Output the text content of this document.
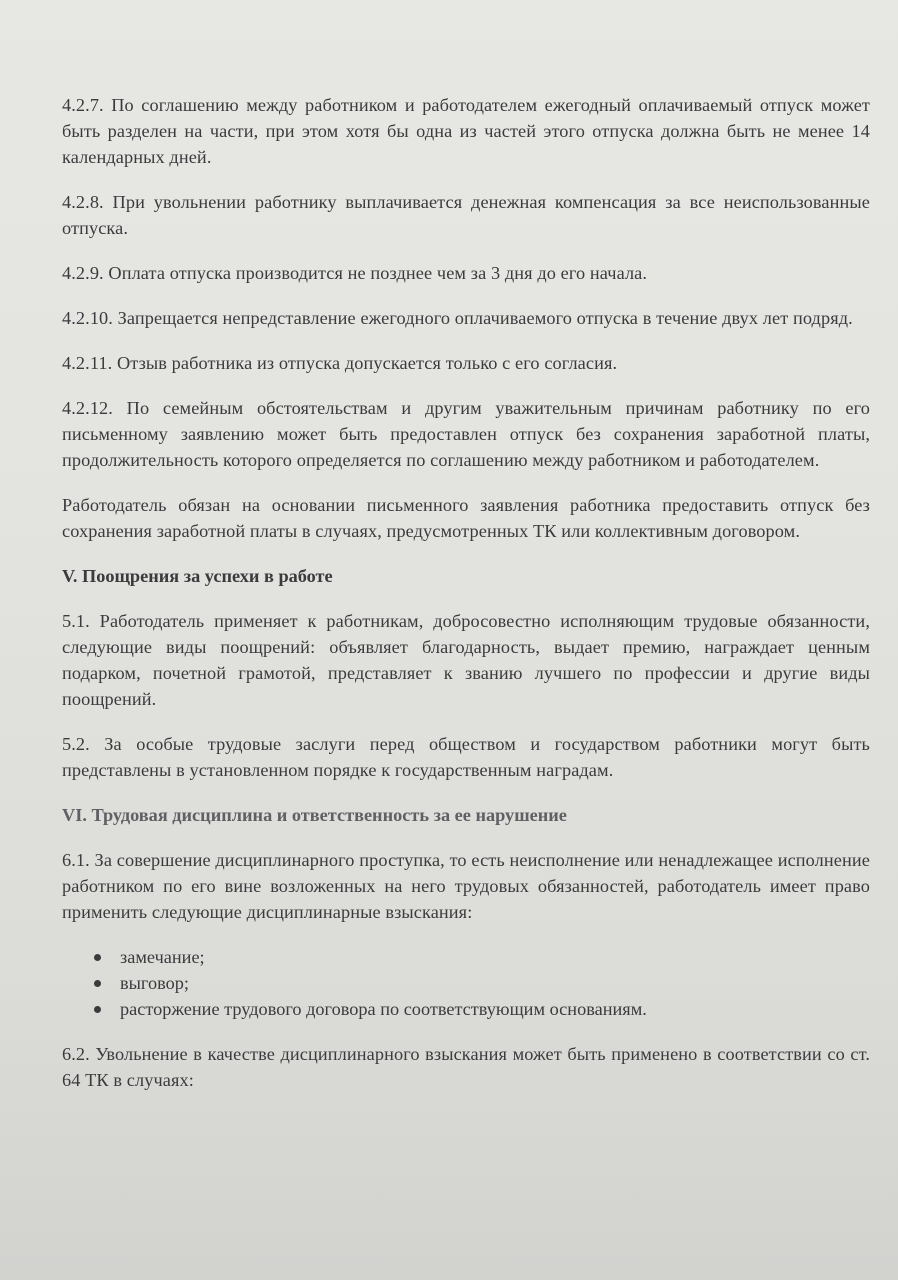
4.2.7. По соглашению между работником и работодателем ежегодный оплачиваемый отпуск может быть разделен на части, при этом хотя бы одна из частей этого отпуска должна быть не менее 14 календарных дней.

4.2.8. При увольнении работнику выплачивается денежная компенсация за все неиспользованные отпуска.

4.2.9. Оплата отпуска производится не позднее чем за 3 дня до его начала.

4.2.10. Запрещается непредставление ежегодного оплачиваемого отпуска в течение двух лет подряд.

4.2.11. Отзыв работника из отпуска допускается только с его согласия.

4.2.12. По семейным обстоятельствам и другим уважительным причинам работнику по его письменному заявлению может быть предоставлен отпуск без сохранения заработной платы, продолжительность которого определяется по соглашению между работником и работодателем.

Работодатель обязан на основании письменного заявления работника предоставить отпуск без сохранения заработной платы в случаях, предусмотренных ТК или коллективным договором.

V. Поощрения за успехи в работе

5.1. Работодатель применяет к работникам, добросовестно исполняющим трудовые обязанности, следующие виды поощрений: объявляет благодарность, выдает премию, награждает ценным подарком, почетной грамотой, представляет к званию лучшего по профессии и другие виды поощрений.

5.2. За особые трудовые заслуги перед обществом и государством работники могут быть представлены в установленном порядке к государственным наградам.

VI. Трудовая дисциплина и ответственность за ее нарушение

6.1. За совершение дисциплинарного проступка, то есть неисполнение или ненадлежащее исполнение работником по его вине возложенных на него трудовых обязанностей, работодатель имеет право применить следующие дисциплинарные взыскания:

замечание;
выговор;
расторжение трудового договора по соответствующим основаниям.

6.2. Увольнение в качестве дисциплинарного взыскания может быть применено в соответствии со ст. 64 ТК в случаях:
